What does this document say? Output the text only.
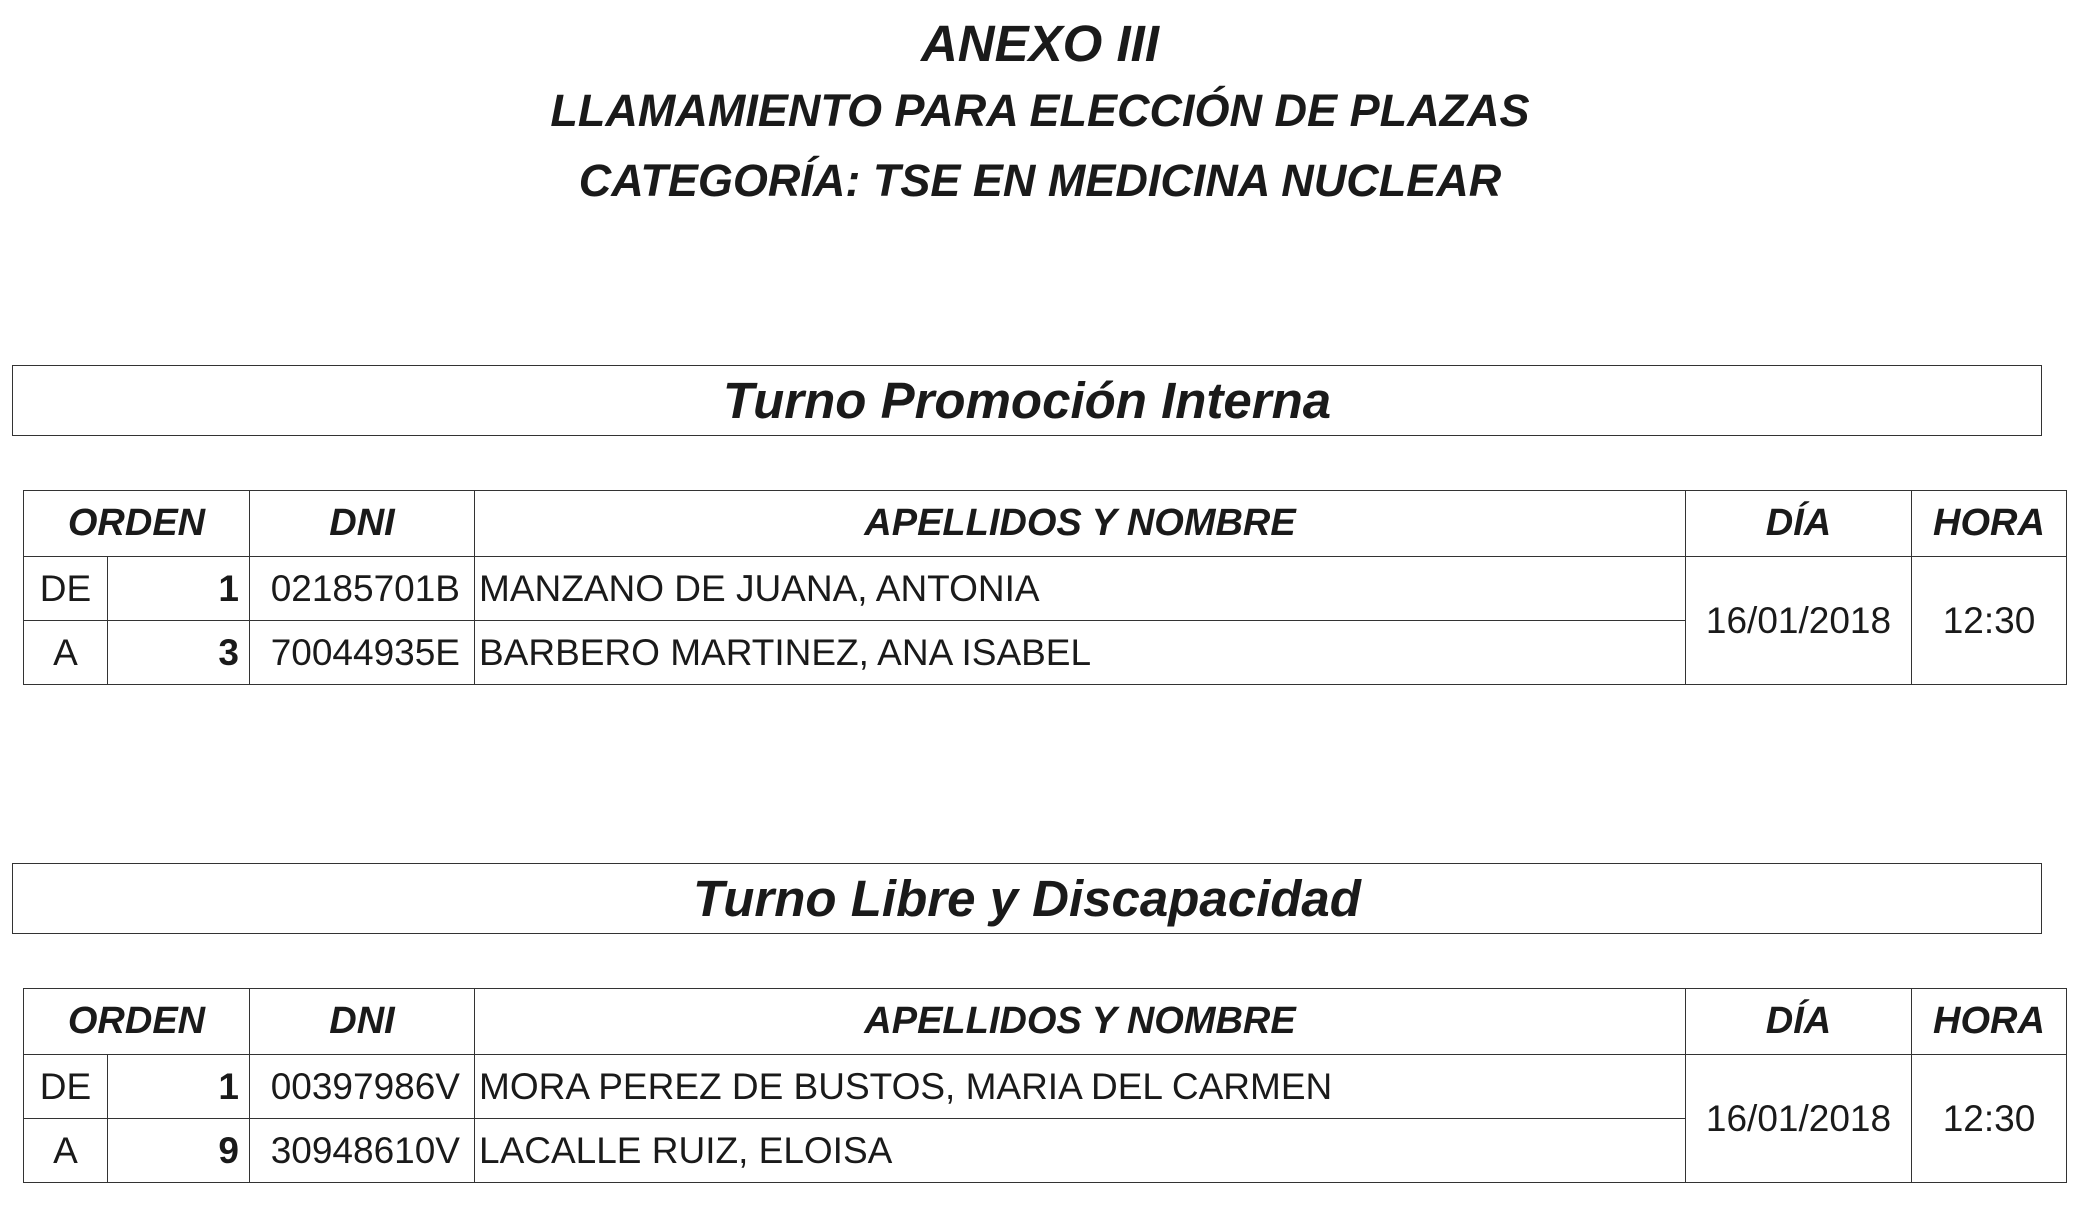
ANEXO III
LLAMAMIENTO PARA ELECCIÓN DE PLAZAS
CATEGORÍA: TSE EN MEDICINA NUCLEAR
Turno Promoción Interna
ORDEN		DNI	APELLIDOS Y NOMBRE	DÍA	HORA
DE	1	02185701B	MANZANO DE JUANA, ANTONIA	16/01/2018	12:30
A	3	70044935E	BARBERO MARTINEZ, ANA ISABEL		
Turno Libre y Discapacidad
ORDEN		DNI	APELLIDOS Y NOMBRE	DÍA	HORA
DE	1	00397986V	MORA PEREZ DE BUSTOS, MARIA DEL CARMEN	16/01/2018	12:30
A	9	30948610V	LACALLE RUIZ, ELOISA		
